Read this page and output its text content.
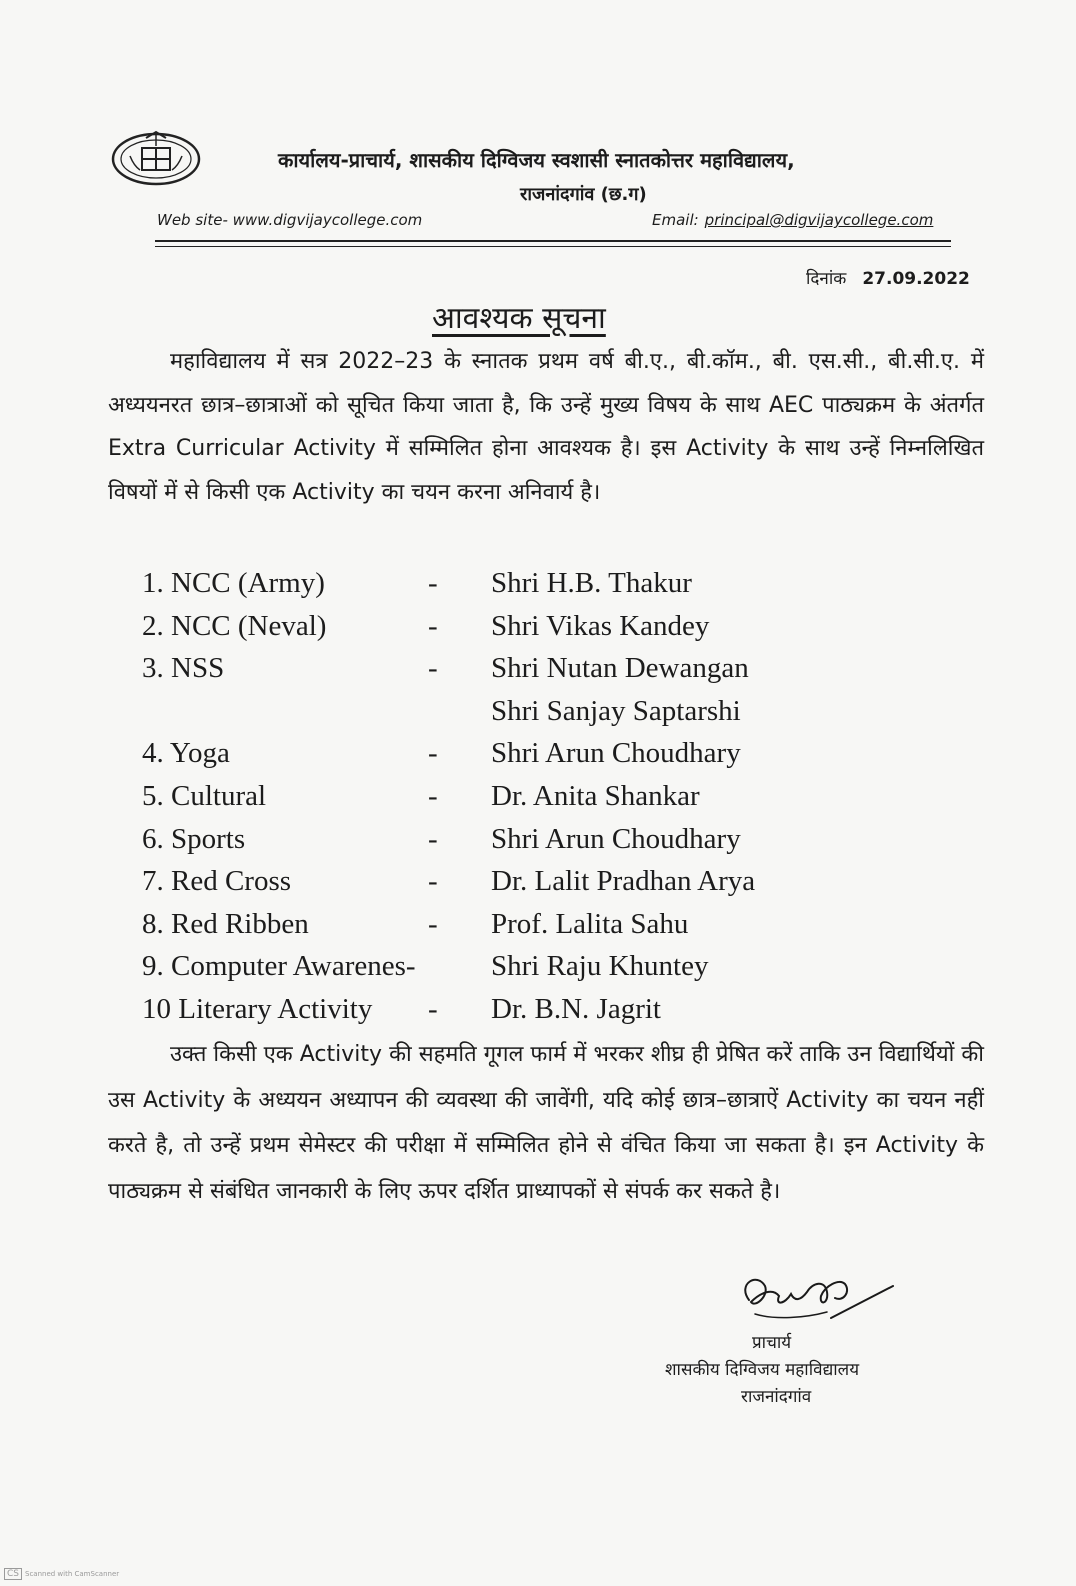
कार्यालय-प्राचार्य, शासकीय दिग्विजय स्वशासी स्नातकोत्तर महाविद्यालय,
राजनांदगांव (छ.ग)
Web site- www.digvijaycollege.com	Email: principal@digvijaycollege.com
दिनांक 27.09.2022
आवश्यक सूचना
महाविद्यालय में सत्र 2022–23 के स्नातक प्रथम वर्ष बी.ए., बी.कॉम., बी. एस.सी., बी.सी.ए. में अध्ययनरत छात्र–छात्राओं को सूचित किया जाता है, कि उन्हें मुख्य विषय के साथ AEC पाठ्यक्रम के अंतर्गत Extra Curricular Activity में सम्मिलित होना आवश्यक है। इस Activity के साथ उन्हें निम्नलिखित विषयों में से किसी एक Activity का चयन करना अनिवार्य है।
1. NCC (Army)	- Shri H.B. Thakur
2. NCC (Neval)	- Shri Vikas Kandey
3. NSS	- Shri Nutan Dewangan
Shri Sanjay Saptarshi
4. Yoga	- Shri Arun Choudhary
5. Cultural	- Dr. Anita Shankar
6. Sports	- Shri Arun Choudhary
7. Red Cross	- Dr. Lalit Pradhan Arya
8. Red Ribben	- Prof. Lalita Sahu
9. Computer Awarenes-	Shri Raju Khuntey
10 Literary Activity - Dr. B.N. Jagrit
उक्त किसी एक Activity की सहमति गूगल फार्म में भरकर शीघ्र ही प्रेषित करें ताकि उन विद्यार्थियों की उस Activity के अध्ययन अध्यापन की व्यवस्था की जावेंगी, यदि कोई छात्र–छात्राऐं Activity का चयन नहीं करते है, तो उन्हें प्रथम सेमेस्टर की परीक्षा में सम्मिलित होने से वंचित किया जा सकता है। इन Activity के पाठ्यक्रम से संबंधित जानकारी के लिए ऊपर दर्शित प्राध्यापकों से संपर्क कर सकते है।
प्राचार्य
शासकीय दिग्विजय महाविद्यालय
राजनांदगांव
CS Scanned with CamScanner
